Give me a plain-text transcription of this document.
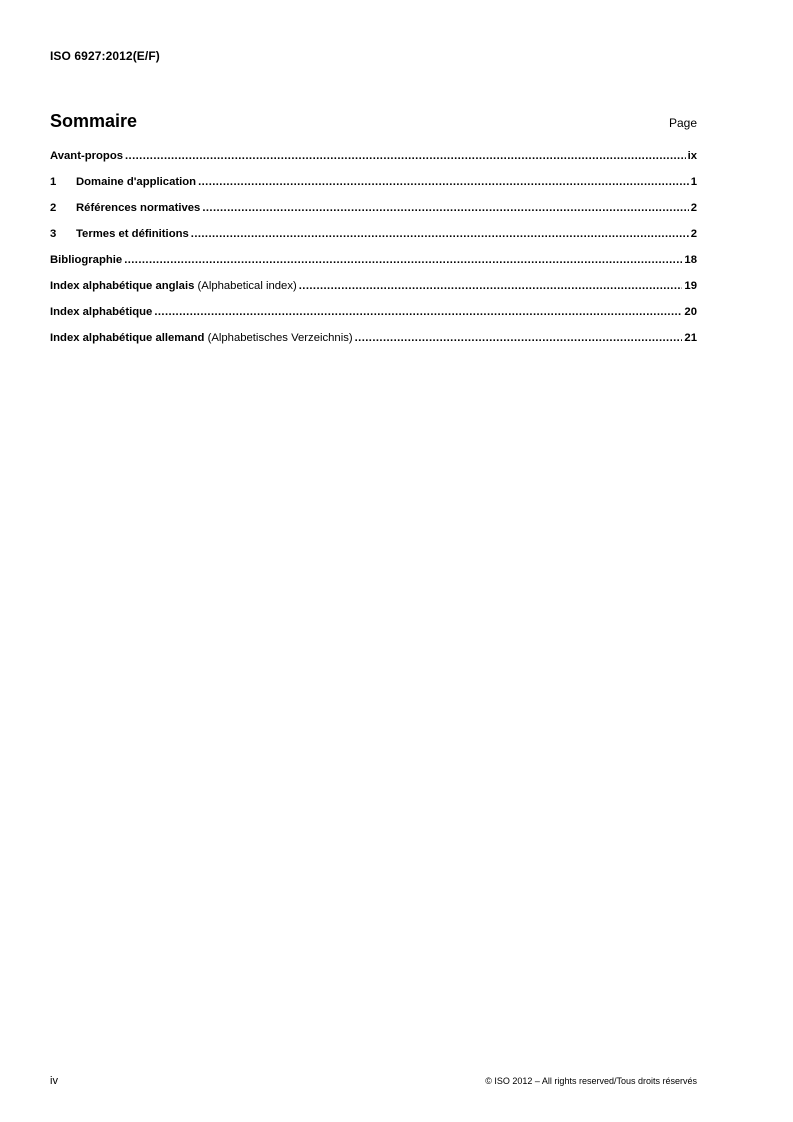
ISO 6927:2012(E/F)
Sommaire	Page
Avant-propos .....	ix
1	Domaine d'application .....	1
2	Références normatives .....	2
3	Termes et définitions .....	2
Bibliographie .....	18
Index alphabétique anglais (Alphabetical index) .....	19
Index alphabétique .....	20
Index alphabétique allemand (Alphabetisches Verzeichnis) .....	21
iv	© ISO 2012 – All rights reserved/Tous droits réservés
